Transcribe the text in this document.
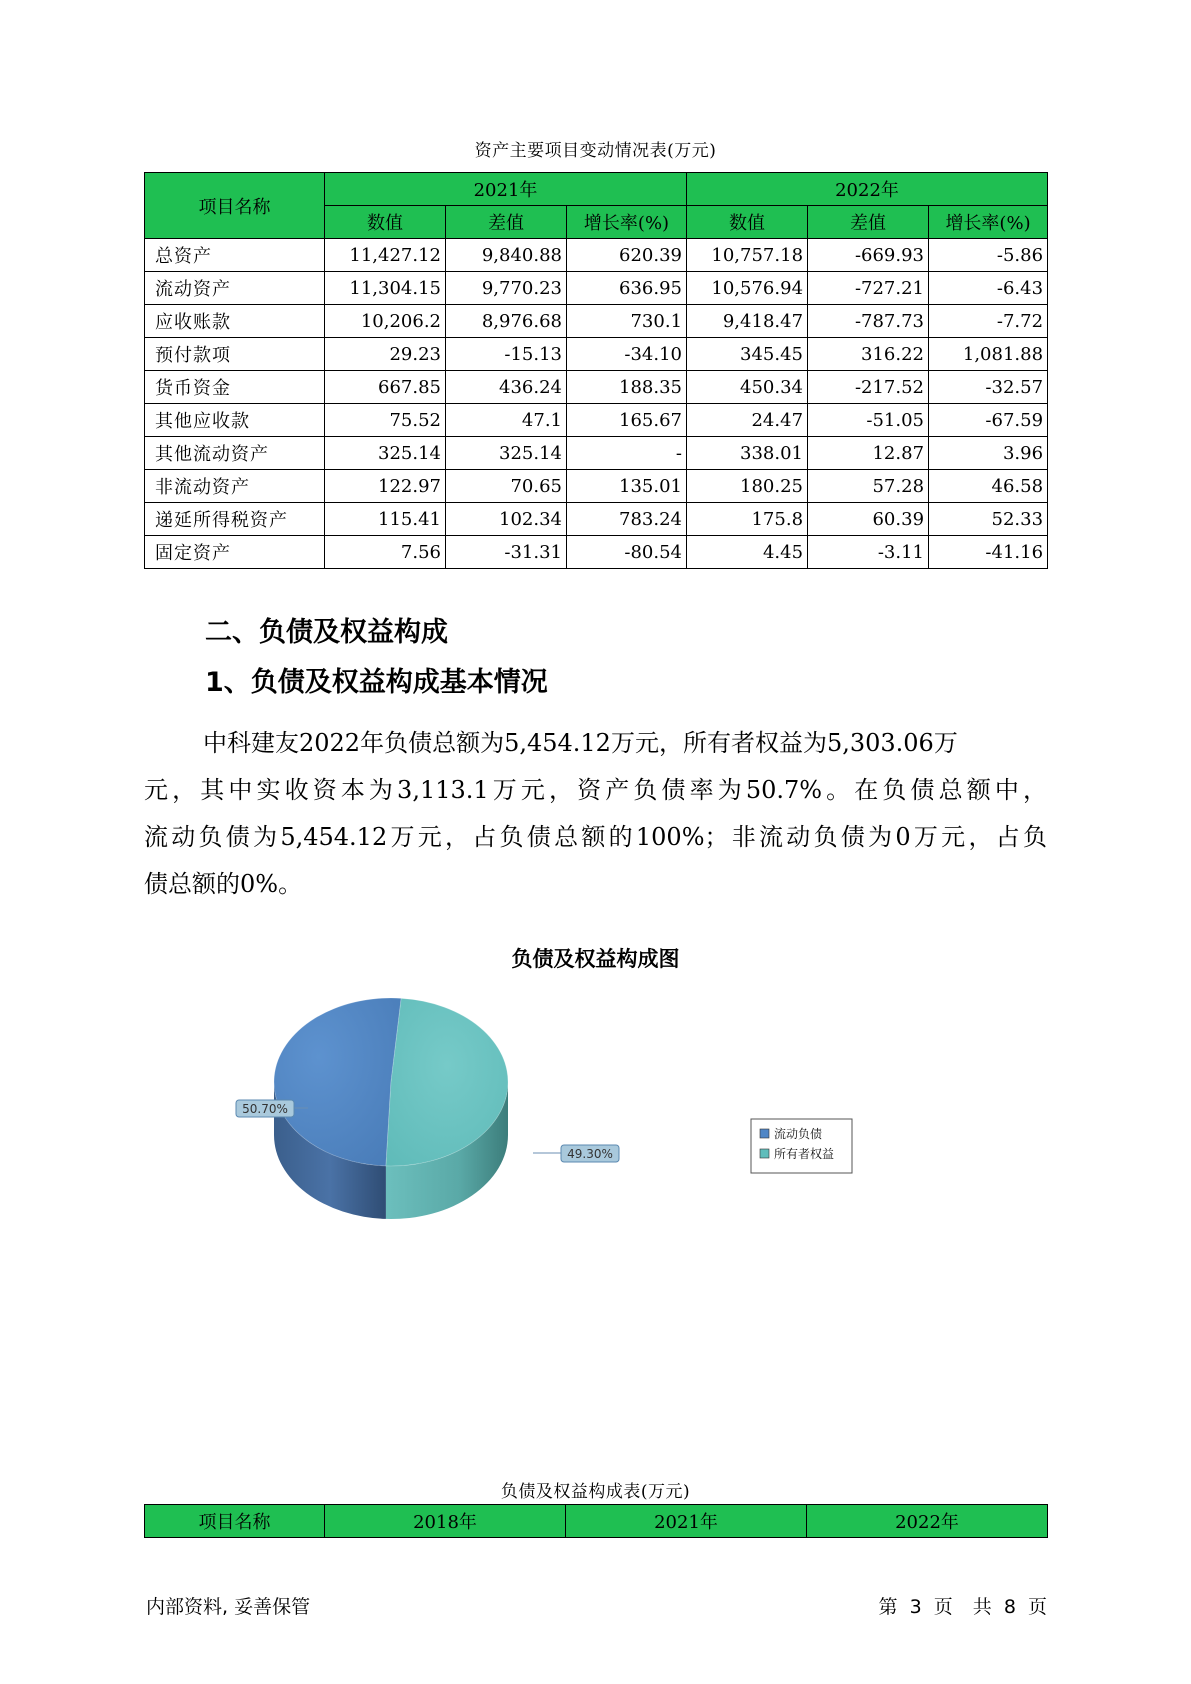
资产主要项目变动情况表(万元)
项目名称	2021年			2022年		
	数值	差值	增长率(%)	数值	差值	增长率(%)
总资产	11,427.12	9,840.88	620.39	10,757.18	-669.93	-5.86
流动资产	11,304.15	9,770.23	636.95	10,576.94	-727.21	-6.43
应收账款	10,206.2	8,976.68	730.1	9,418.47	-787.73	-7.72
预付款项	29.23	-15.13	-34.10	345.45	316.22	1,081.88
货币资金	667.85	436.24	188.35	450.34	-217.52	-32.57
其他应收款	75.52	47.1	165.67	24.47	-51.05	-67.59
其他流动资产	325.14	325.14	-	338.01	12.87	3.96
非流动资产	122.97	70.65	135.01	180.25	57.28	46.58
递延所得税资产	115.41	102.34	783.24	175.8	60.39	52.33
固定资产	7.56	-31.31	-80.54	4.45	-3.11	-41.16
二、负债及权益构成
1、负债及权益构成基本情况
中科建友2022年负债总额为5,454.12万元，所有者权益为5,303.06万
元，其中实收资本为3,113.1万元，资产负债率为50.7%。在负债总额中，
流动负债为5,454.12万元，占负债总额的100%；非流动负债为0万元，占负
债总额的0%。
负债及权益构成图
50.70%
49.30%
流动负债
所有者权益
负债及权益构成表(万元)
项目名称	2018年	2021年	2022年
内部资料, 妥善保管	第 3 页 共 8 页
